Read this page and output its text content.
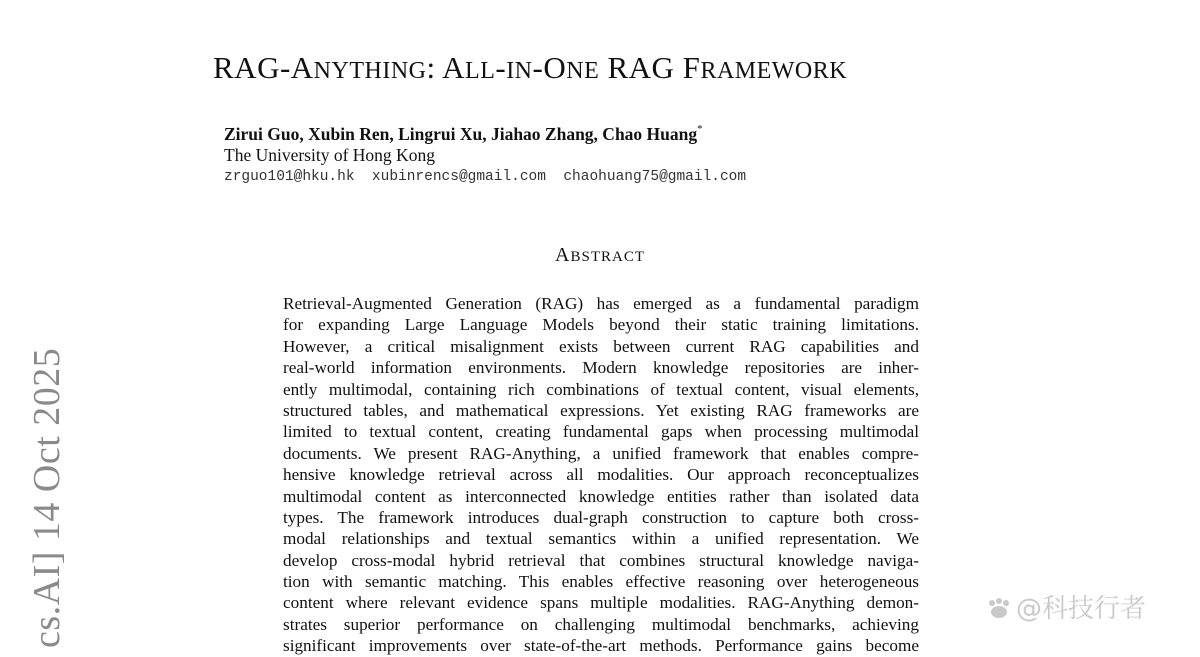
RAG-ANYTHING: ALL-IN-ONE RAG FRAMEWORK
Zirui Guo, Xubin Ren, Lingrui Xu, Jiahao Zhang, Chao Huang*
The University of Hong Kong
zrguo101@hku.hk  xubinrencs@gmail.com  chaohuang75@gmail.com
ABSTRACT
Retrieval-Augmented Generation (RAG) has emerged as a fundamental paradigm
for expanding Large Language Models beyond their static training limitations.
However, a critical misalignment exists between current RAG capabilities and
real-world information environments. Modern knowledge repositories are inher-
ently multimodal, containing rich combinations of textual content, visual elements,
structured tables, and mathematical expressions. Yet existing RAG frameworks are
limited to textual content, creating fundamental gaps when processing multimodal
documents. We present RAG-Anything, a unified framework that enables compre-
hensive knowledge retrieval across all modalities. Our approach reconceptualizes
multimodal content as interconnected knowledge entities rather than isolated data
types. The framework introduces dual-graph construction to capture both cross-
modal relationships and textual semantics within a unified representation. We
develop cross-modal hybrid retrieval that combines structural knowledge naviga-
tion with semantic matching. This enables effective reasoning over heterogeneous
content where relevant evidence spans multiple modalities. RAG-Anything demon-
strates superior performance on challenging multimodal benchmarks, achieving
significant improvements over state-of-the-art methods. Performance gains become
cs.AI] 14 Oct 2025	@科技行者
